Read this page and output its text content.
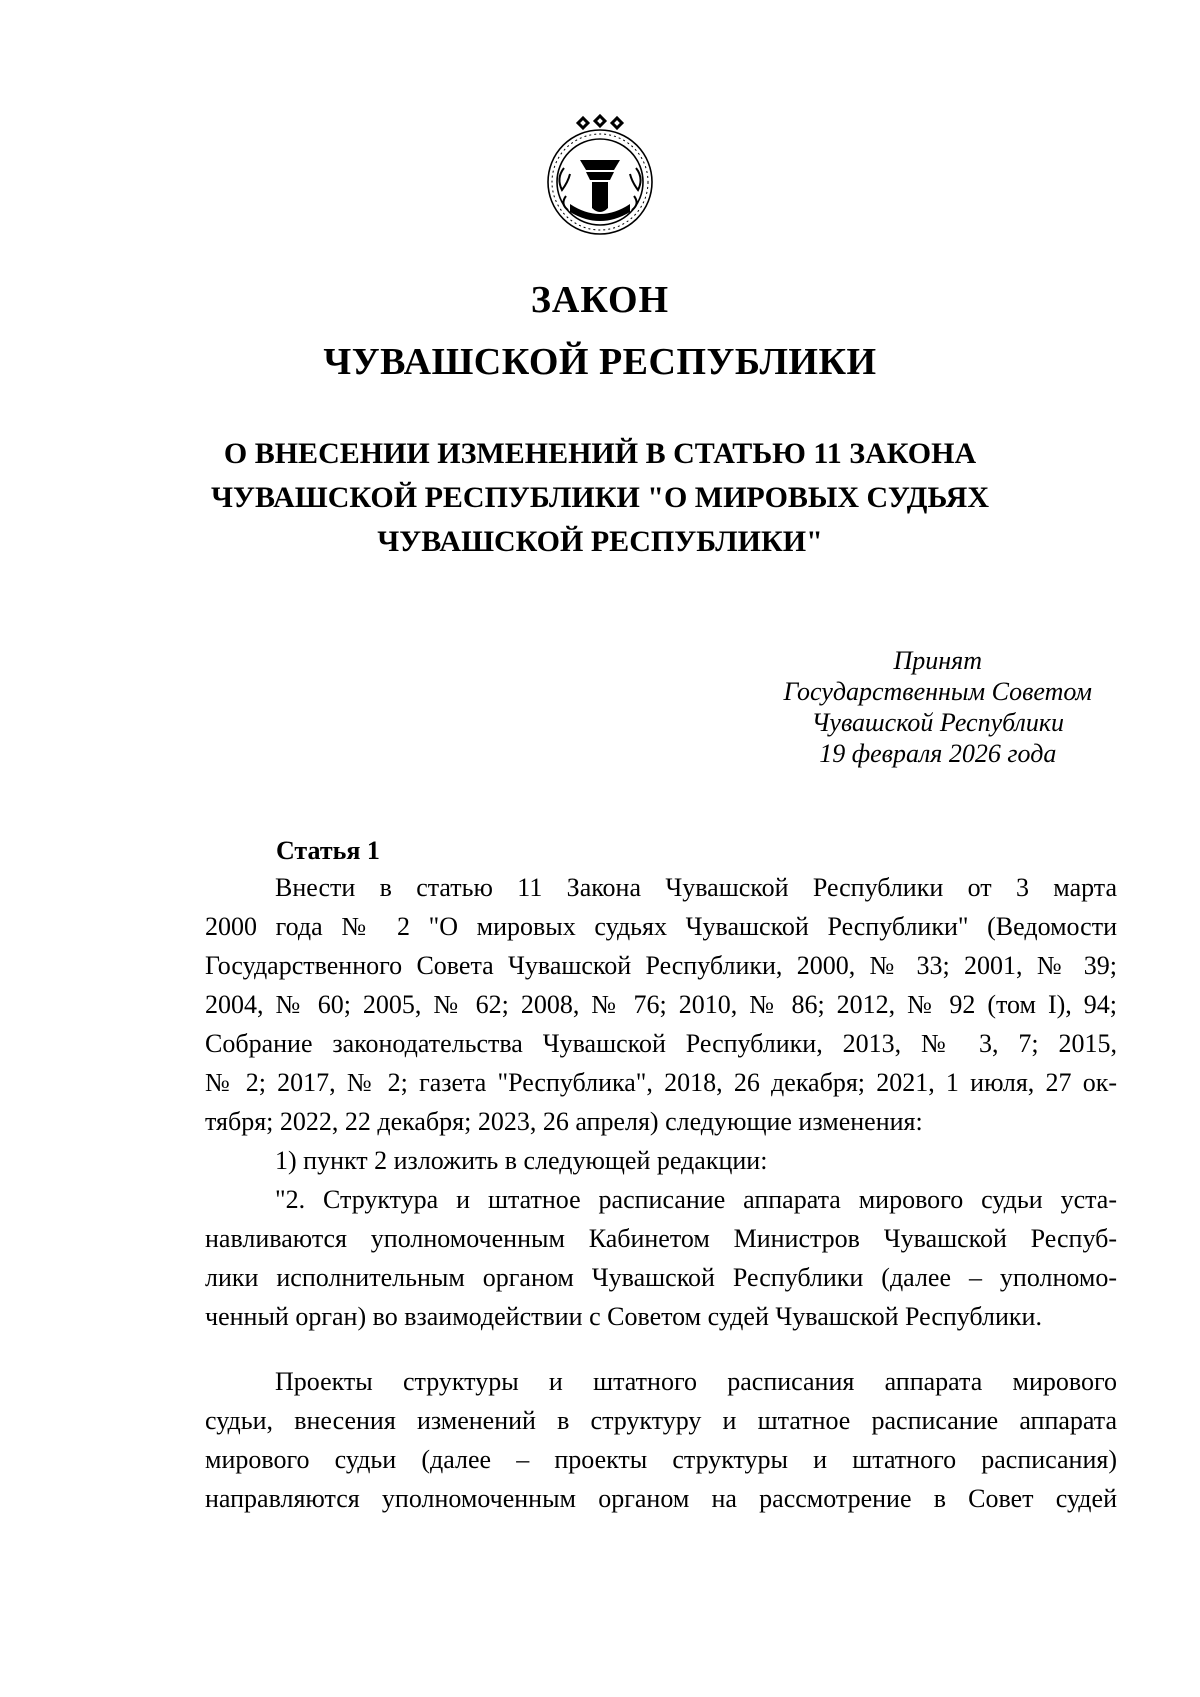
ЗАКОН
ЧУВАШСКОЙ РЕСПУБЛИКИ
О ВНЕСЕНИИ ИЗМЕНЕНИЙ В СТАТЬЮ 11 ЗАКОНА
ЧУВАШСКОЙ РЕСПУБЛИКИ "О МИРОВЫХ СУДЬЯХ
ЧУВАШСКОЙ РЕСПУБЛИКИ"
Принят
Государственным Советом
Чувашской Республики
19 февраля 2026 года
Статья 1
Внести в статью 11 Закона Чувашской Республики от 3 марта
2000 года № 2 "О мировых судьях Чувашской Республики" (Ведомости
Государственного Совета Чувашской Республики, 2000, № 33; 2001, № 39;
2004, № 60; 2005, № 62; 2008, № 76; 2010, № 86; 2012, № 92 (том I), 94;
Собрание законодательства Чувашской Республики, 2013, № 3, 7; 2015,
№ 2; 2017, № 2; газета "Республика", 2018, 26 декабря; 2021, 1 июля, 27 ок-
тября; 2022, 22 декабря; 2023, 26 апреля) следующие изменения:
1) пункт 2 изложить в следующей редакции:
"2. Структура и штатное расписание аппарата мирового судьи уста-
навливаются уполномоченным Кабинетом Министров Чувашской Респуб-
лики исполнительным органом Чувашской Республики (далее – уполномо-
ченный орган) во взаимодействии с Советом судей Чувашской Республики.
Проекты структуры и штатного расписания аппарата мирового
судьи, внесения изменений в структуру и штатное расписание аппарата
мирового судьи (далее – проекты структуры и штатного расписания)
направляются уполномоченным органом на рассмотрение в Совет судей
